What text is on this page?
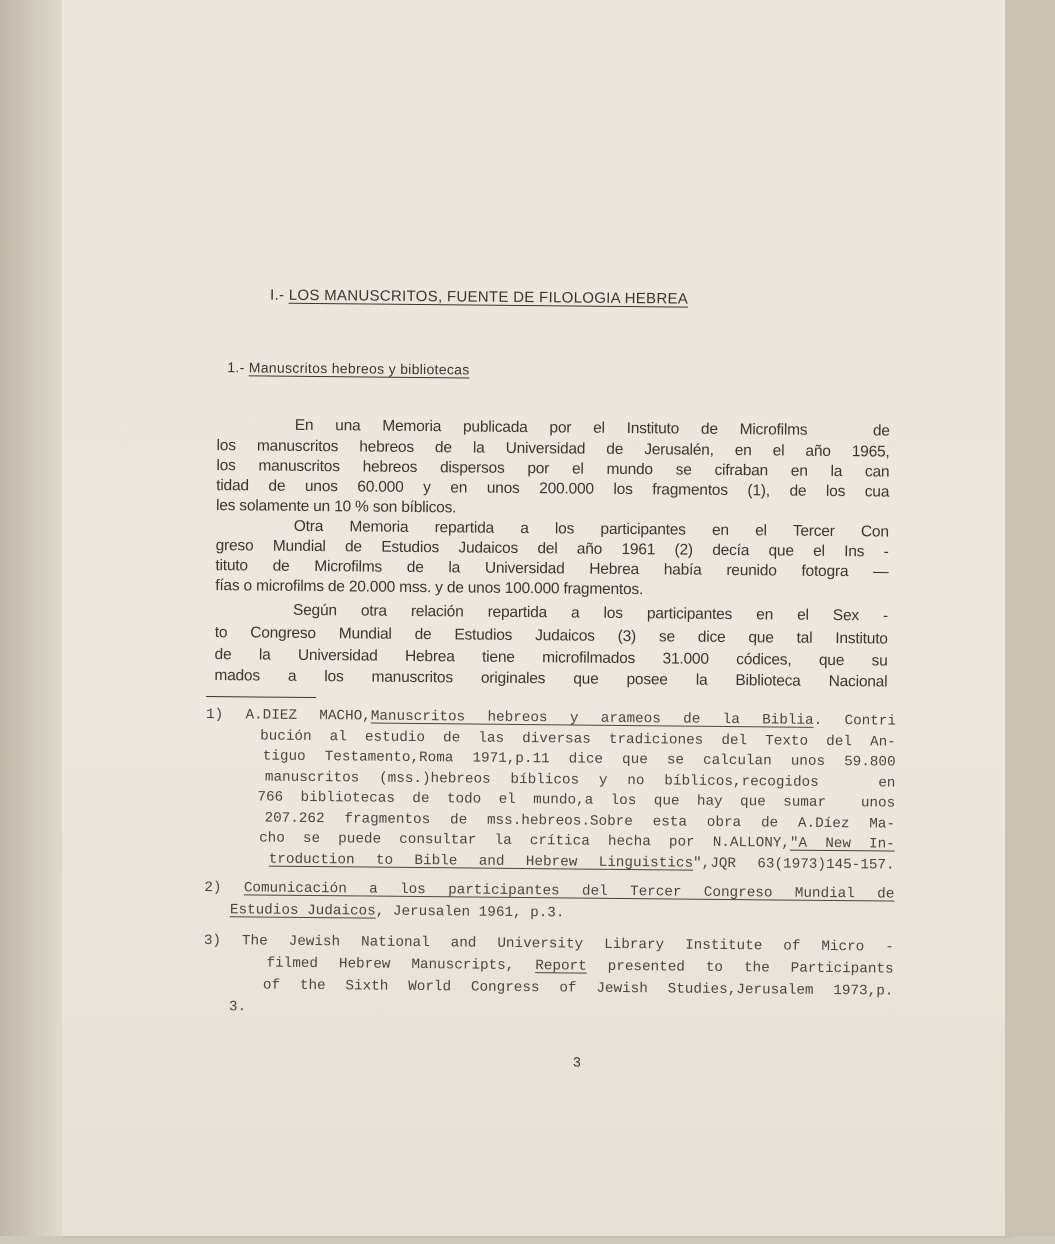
I.- LOS MANUSCRITOS, FUENTE DE FILOLOGIA HEBREA
1.- Manuscritos hebreos y bibliotecas
En una Memoria publicada por el Instituto de Microfilms   de
los manuscritos hebreos de la Universidad de Jerusalén, en el año 1965,
los manuscritos hebreos dispersos por el mundo se cifraban en la can
tidad de unos 60.000 y en unos 200.000 los fragmentos (1), de los cua
les solamente un 10 % son bíblicos.
Otra Memoria repartida a los participantes en el Tercer Con
greso Mundial de Estudios Judaicos del año 1961 (2) decía que el Ins -
tituto de Microfilms de la Universidad Hebrea había reunido fotogra —
fías o microfilms de 20.000 mss. y de unos 100.000 fragmentos.
Según otra relación repartida a los participantes en el Sex -
to Congreso Mundial de Estudios Judaicos (3) se dice que tal Instituto
de la Universidad Hebrea tiene microfilmados 31.000 códices, que su
mados a los manuscritos originales que posee la Biblioteca Nacional
1) A.DIEZ MACHO,Manuscritos hebreos y arameos de la Biblia. Contri
bución al estudio de las diversas tradiciones del Texto del An-
tiguo Testamento,Roma 1971,p.11 dice que se calculan unos 59.800
manuscritos (mss.)hebreos bíblicos y no bíblicos,recogidos   en
766 bibliotecas de todo el mundo,a los que hay que sumar  unos
207.262 fragmentos de mss.hebreos.Sobre esta obra de A.Díez Ma-
cho se puede consultar la crítica hecha por N.ALLONY,"A New In-
troduction to Bible and Hebrew Linguistics",JQR 63(1973)145-157.
2) Comunicación a los participantes del Tercer Congreso Mundial de
Estudios Judaicos, Jerusalen 1961, p.3.
3) The Jewish National and University Library Institute of Micro -
filmed Hebrew Manuscripts, Report presented to the Participants
of the Sixth World Congress of Jewish Studies,Jerusalem 1973,p.
3.
3
